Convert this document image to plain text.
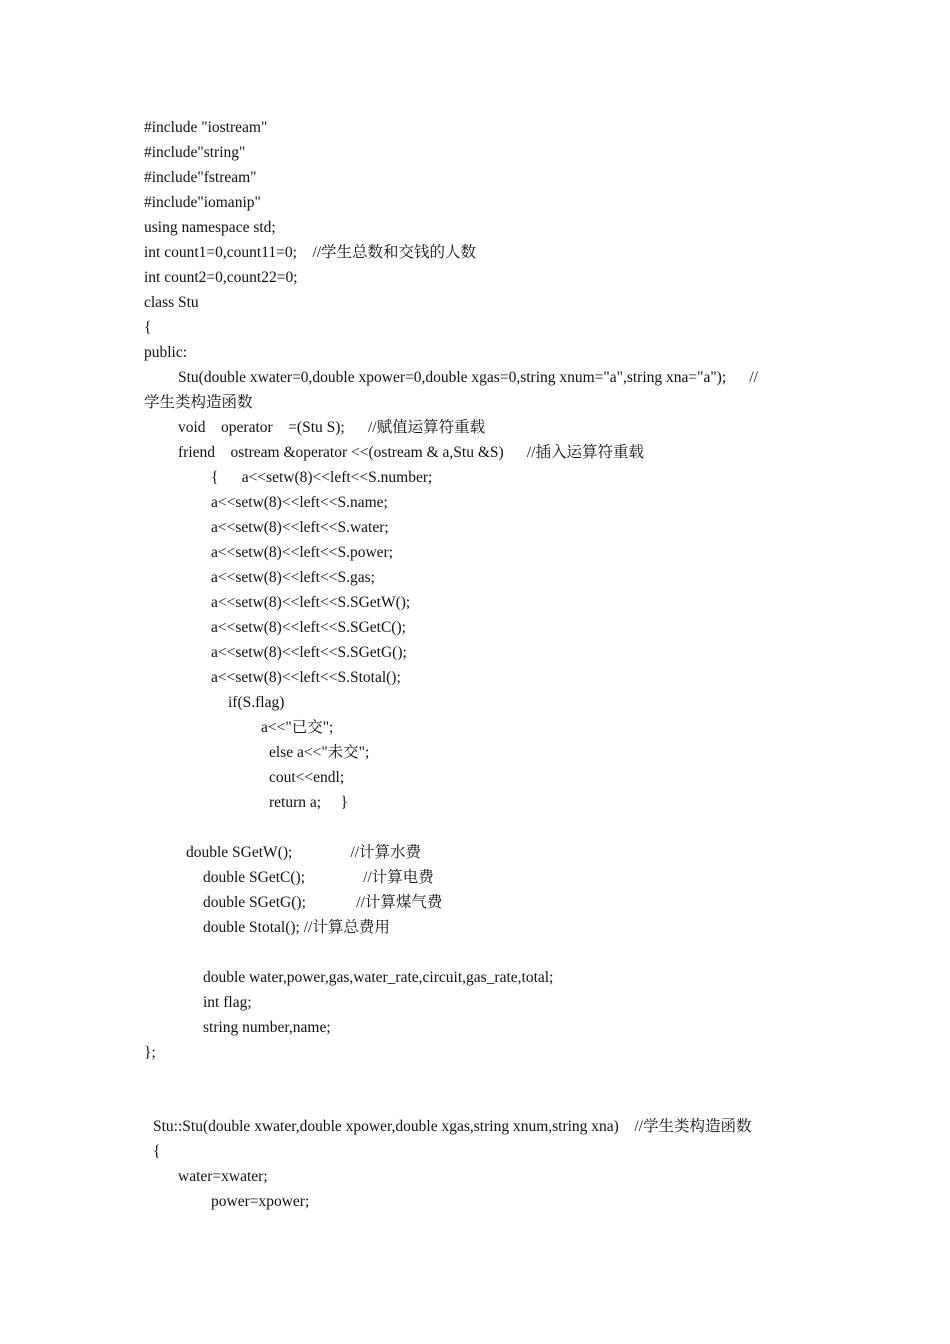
#include "iostream"
#include"string"
#include"fstream"
#include"iomanip"
using namespace std;
int count1=0,count11=0;    //学生总数和交钱的人数
int count2=0,count22=0;
class Stu
{
public:
Stu(double xwater=0,double xpower=0,double xgas=0,string xnum="a",string xna="a");      //
学生类构造函数
void    operator    =(Stu S);      //赋值运算符重载
friend    ostream &operator <<(ostream & a,Stu &S)      //插入运算符重载
{      a<<setw(8)<<left<<S.number;
a<<setw(8)<<left<<S.name;
a<<setw(8)<<left<<S.water;
a<<setw(8)<<left<<S.power;
a<<setw(8)<<left<<S.gas;
a<<setw(8)<<left<<S.SGetW();
a<<setw(8)<<left<<S.SGetC();
a<<setw(8)<<left<<S.SGetG();
a<<setw(8)<<left<<S.Stotal();
if(S.flag)
a<<"已交";
else a<<"未交";
cout<<endl;
return a;     }
double SGetW();               //计算水费
double SGetC();               //计算电费
double SGetG();             //计算煤气费
double Stotal(); //计算总费用
double water,power,gas,water_rate,circuit,gas_rate,total;
int flag;
string number,name;
};
Stu::Stu(double xwater,double xpower,double xgas,string xnum,string xna)    //学生类构造函数
{
water=xwater;
power=xpower;
